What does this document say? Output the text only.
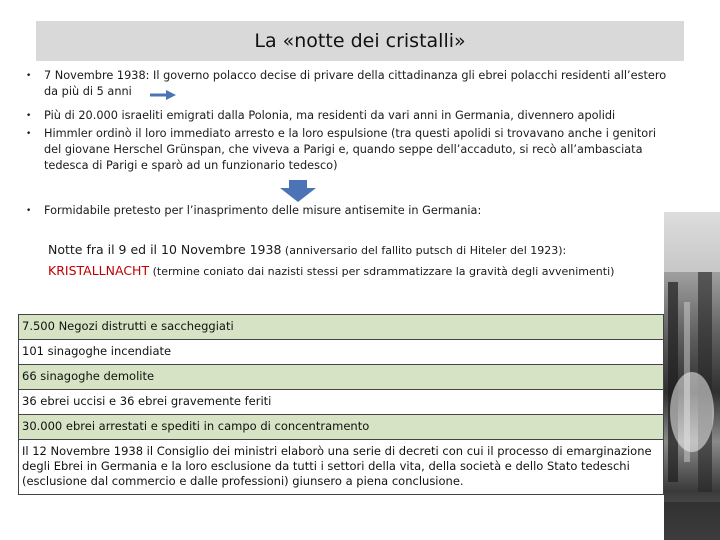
La «notte dei cristalli»
•	7 Novembre 1938: Il governo polacco decise di privare della cittadinanza gli ebrei polacchi residenti all’estero da più di 5 anni
•	Più di 20.000 israeliti emigrati dalla Polonia, ma residenti da vari anni in Germania, divennero apolidi
•	Himmler ordinò il loro immediato arresto e la loro espulsione (tra questi apolidi si trovavano anche i genitori del giovane Herschel Grünspan, che viveva a Parigi e, quando seppe dell’accaduto, si recò all’ambasciata tedesca di Parigi e sparò ad un funzionario tedesco)
•	Formidabile pretesto per l’inasprimento delle misure antisemite in Germania:
Notte fra il 9 ed il 10 Novembre 1938 (anniversario del fallito putsch di Hiteler del 1923):
KRISTALLNACHT (termine coniato dai nazisti stessi per sdrammatizzare la gravità degli avvenimenti)
7.500 Negozi distrutti e saccheggiati
101 sinagoghe incendiate
66 sinagoghe demolite
36 ebrei uccisi e 36 ebrei gravemente feriti
30.000 ebrei arrestati e spediti in campo di concentramento
Il 12 Novembre 1938 il Consiglio dei ministri elaborò una serie di decreti con cui il processo di emarginazione degli Ebrei in Germania e la loro esclusione da tutti i settori della vita, della società e dello Stato tedeschi (esclusione dal commercio e dalle professioni) giunsero a piena conclusione.
